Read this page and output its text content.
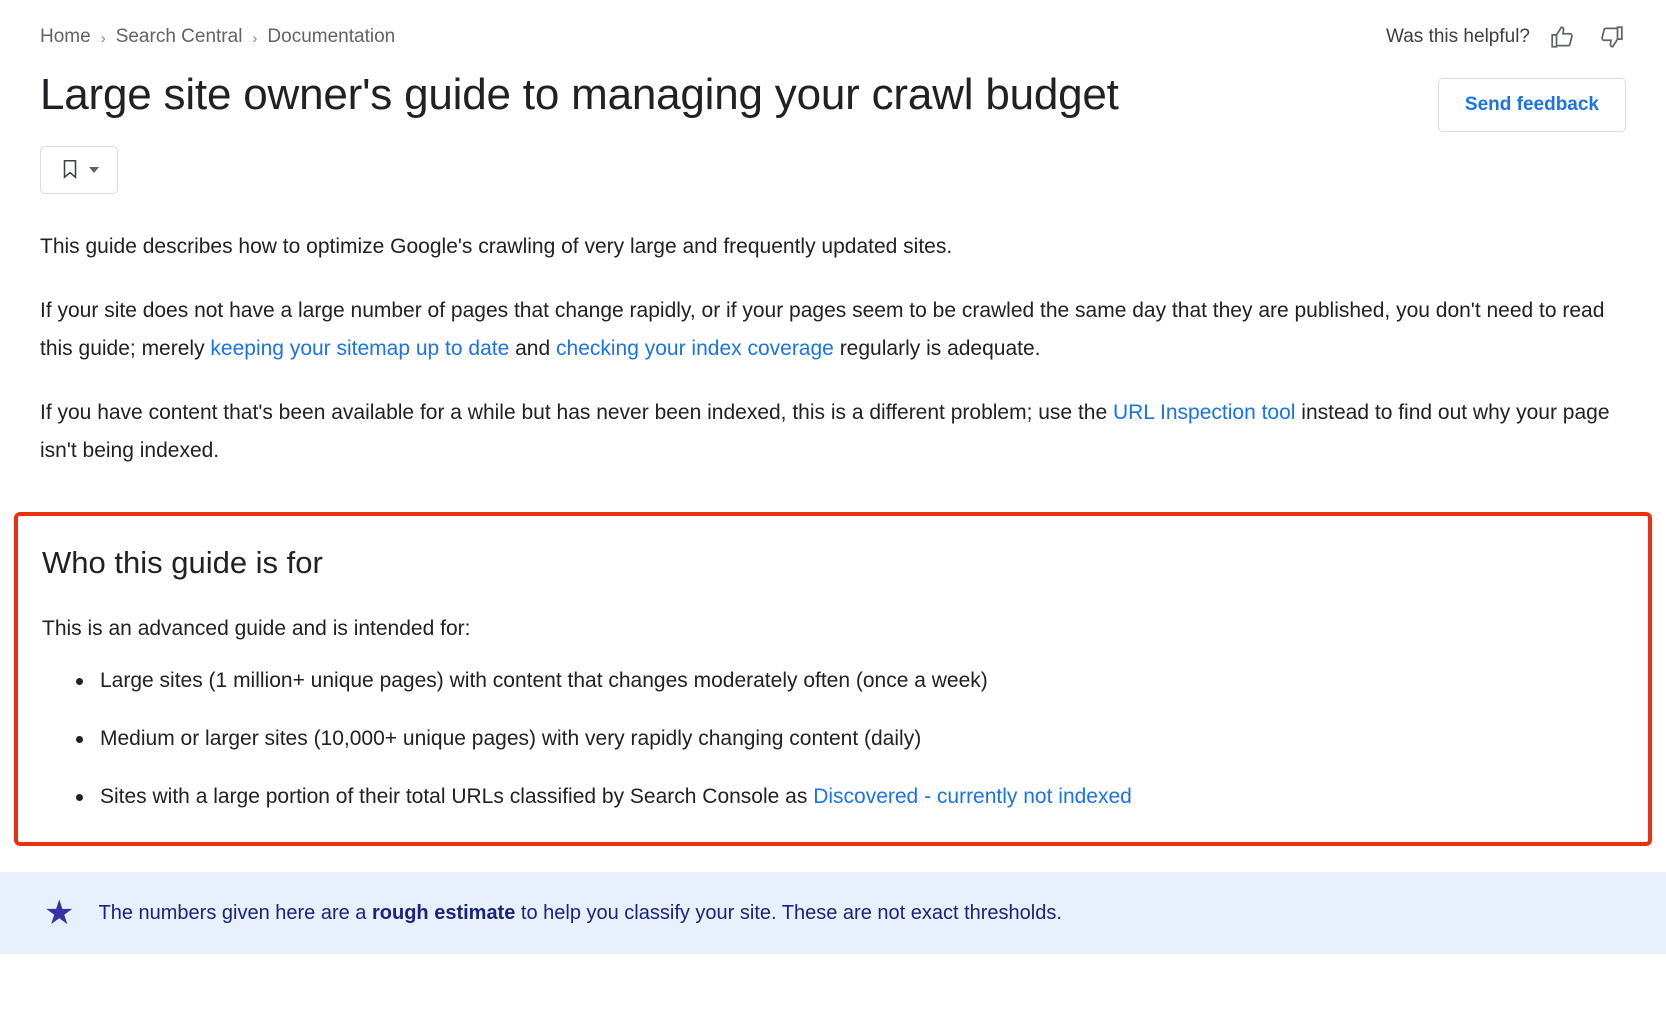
Home › Search Central › Documentation	Was this helpful?
Large site owner's guide to managing your crawl budget	Send feedback

This guide describes how to optimize Google's crawling of very large and frequently updated sites.

If your site does not have a large number of pages that change rapidly, or if your pages seem to be crawled the same day that they are published, you don't need to read this guide; merely keeping your sitemap up to date and checking your index coverage regularly is adequate.

If you have content that's been available for a while but has never been indexed, this is a different problem; use the URL Inspection tool instead to find out why your page isn't being indexed.

Who this guide is for

This is an advanced guide and is intended for:

Large sites (1 million+ unique pages) with content that changes moderately often (once a week)
Medium or larger sites (10,000+ unique pages) with very rapidly changing content (daily)
Sites with a large portion of their total URLs classified by Search Console as Discovered - currently not indexed
★ The numbers given here are a rough estimate to help you classify your site. These are not exact thresholds.
